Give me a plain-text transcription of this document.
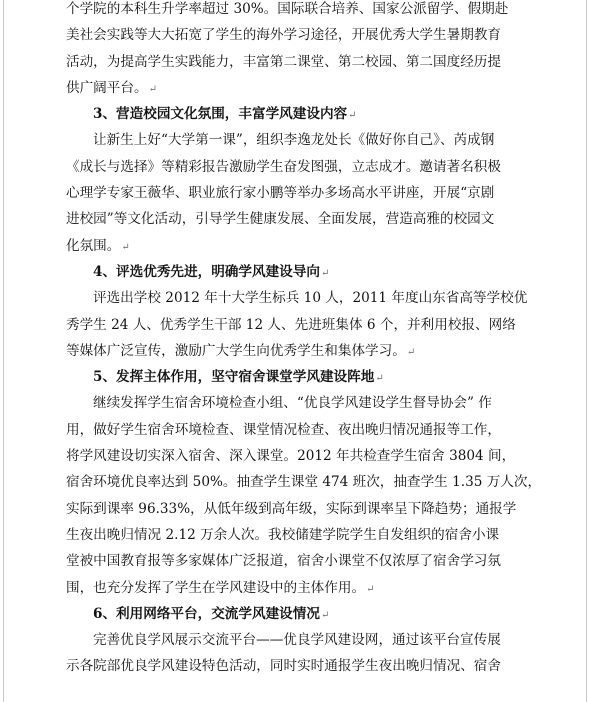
个学院的本科生升学率超过 30%。国际联合培养、国家公派留学、假期赴
美社会实践等大大拓宽了学生的海外学习途径，开展优秀大学生暑期教育
活动，为提高学生实践能力，丰富第二课堂、第二校园、第二国度经历提
供广阔平台。↵
3、营造校园文化氛围，丰富学风建设内容↵
让新生上好“大学第一课”，组织李逸龙处长《做好你自己》、芮成钢
《成长与选择》等精彩报告激励学生奋发图强，立志成才。邀请著名积极
心理学专家王薇华、职业旅行家小鹏等举办多场高水平讲座，开展“京剧
进校园”等文化活动，引导学生健康发展、全面发展，营造高雅的校园文
化氛围。↵
4、评选优秀先进，明确学风建设导向↵
评选出学校 2012 年十大学生标兵 10 人，2011 年度山东省高等学校优
秀学生 24 人、优秀学生干部 12 人、先进班集体 6 个，并利用校报、网络
等媒体广泛宣传，激励广大学生向优秀学生和集体学习。↵
5、发挥主体作用，坚守宿舍课堂学风建设阵地↵
继续发挥学生宿舍环境检查小组、“优良学风建设学生督导协会” 作
用，做好学生宿舍环境检查、课堂情况检查、夜出晚归情况通报等工作，
将学风建设切实深入宿舍、深入课堂。2012 年共检查学生宿舍 3804 间，
宿舍环境优良率达到 50%。抽查学生课堂 474 班次，抽查学生 1.35 万人次，
实际到课率 96.33%，从低年级到高年级，实际到课率呈下降趋势；通报学
生夜出晚归情况 2.12 万余人次。我校储建学院学生自发组织的宿舍小课
堂被中国教育报等多家媒体广泛报道，宿舍小课堂不仅浓厚了宿舍学习氛
围，也充分发挥了学生在学风建设中的主体作用。↵
6、利用网络平台，交流学风建设情况↵
完善优良学风展示交流平台——优良学风建设网，通过该平台宣传展
示各院部优良学风建设特色活动，同时实时通报学生夜出晚归情况、宿舍
